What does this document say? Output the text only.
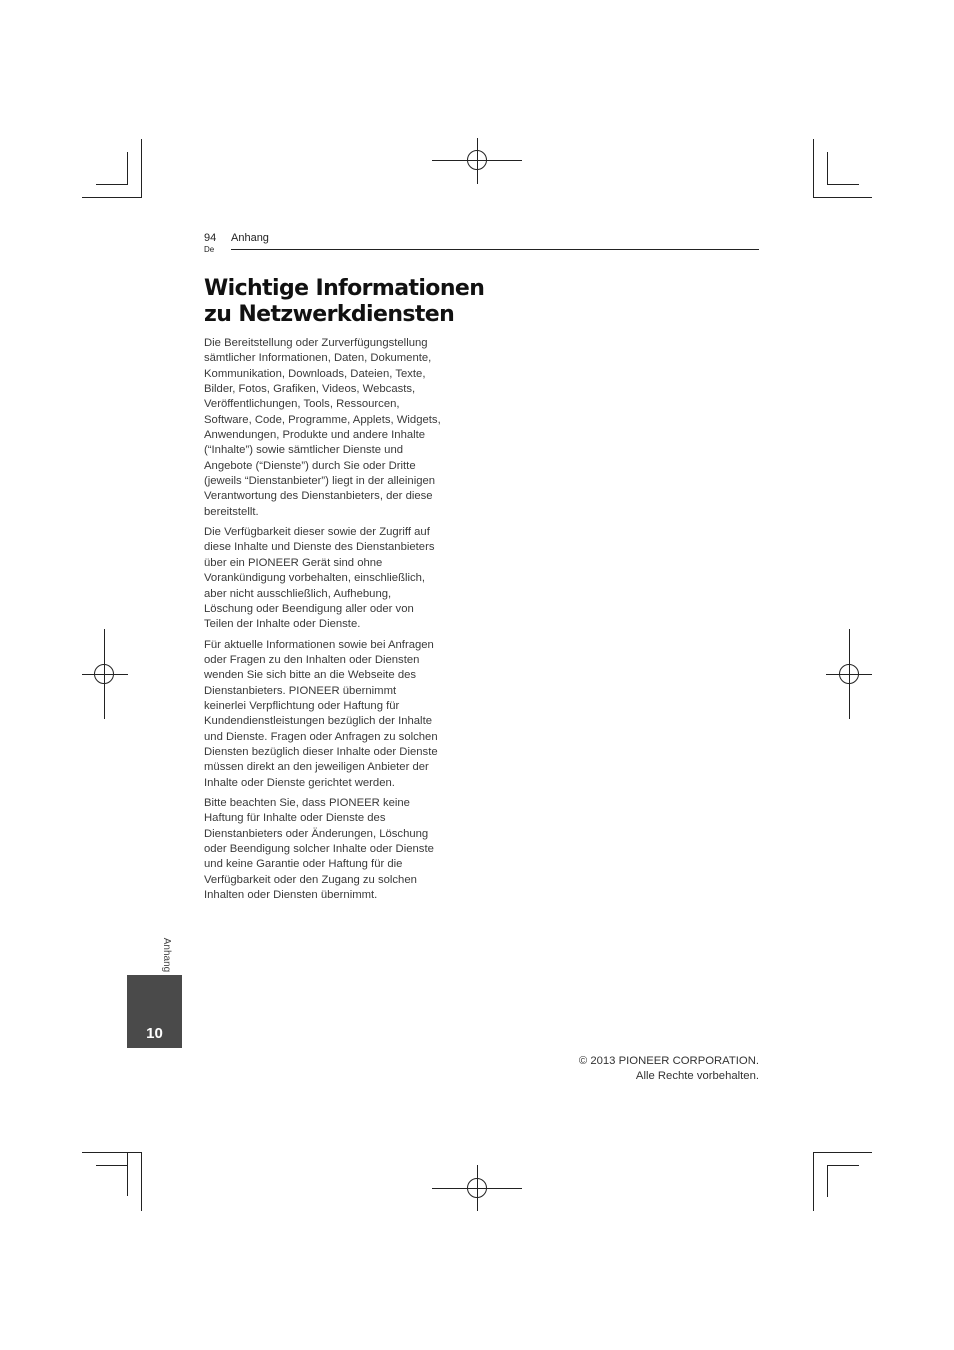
94
De
Anhang
Wichtige Informationen
zu Netzwerkdiensten

Die Bereitstellung oder Zurverfügungstellung
sämtlicher Informationen, Daten, Dokumente,
Kommunikation, Downloads, Dateien, Texte,
Bilder, Fotos, Grafiken, Videos, Webcasts,
Veröffentlichungen, Tools, Ressourcen,
Software, Code, Programme, Applets, Widgets,
Anwendungen, Produkte und andere Inhalte
(“Inhalte”) sowie sämtlicher Dienste und
Angebote (“Dienste”) durch Sie oder Dritte
(jeweils “Dienstanbieter”) liegt in der alleinigen
Verantwortung des Dienstanbieters, der diese
bereitstellt.

Die Verfügbarkeit dieser sowie der Zugriff auf
diese Inhalte und Dienste des Dienstanbieters
über ein PIONEER Gerät sind ohne
Vorankündigung vorbehalten, einschließlich,
aber nicht ausschließlich, Aufhebung,
Löschung oder Beendigung aller oder von
Teilen der Inhalte oder Dienste.

Für aktuelle Informationen sowie bei Anfragen
oder Fragen zu den Inhalten oder Diensten
wenden Sie sich bitte an die Webseite des
Dienstanbieters. PIONEER übernimmt
keinerlei Verpflichtung oder Haftung für
Kundendienstleistungen bezüglich der Inhalte
und Dienste. Fragen oder Anfragen zu solchen
Diensten bezüglich dieser Inhalte oder Dienste
müssen direkt an den jeweiligen Anbieter der
Inhalte oder Dienste gerichtet werden.

Bitte beachten Sie, dass PIONEER keine
Haftung für Inhalte oder Dienste des
Dienstanbieters oder Änderungen, Löschung
oder Beendigung solcher Inhalte oder Dienste
und keine Garantie oder Haftung für die
Verfügbarkeit oder den Zugang zu solchen
Inhalten oder Diensten übernimmt.

Anhang
10
© 2013 PIONEER CORPORATION.
Alle Rechte vorbehalten.
